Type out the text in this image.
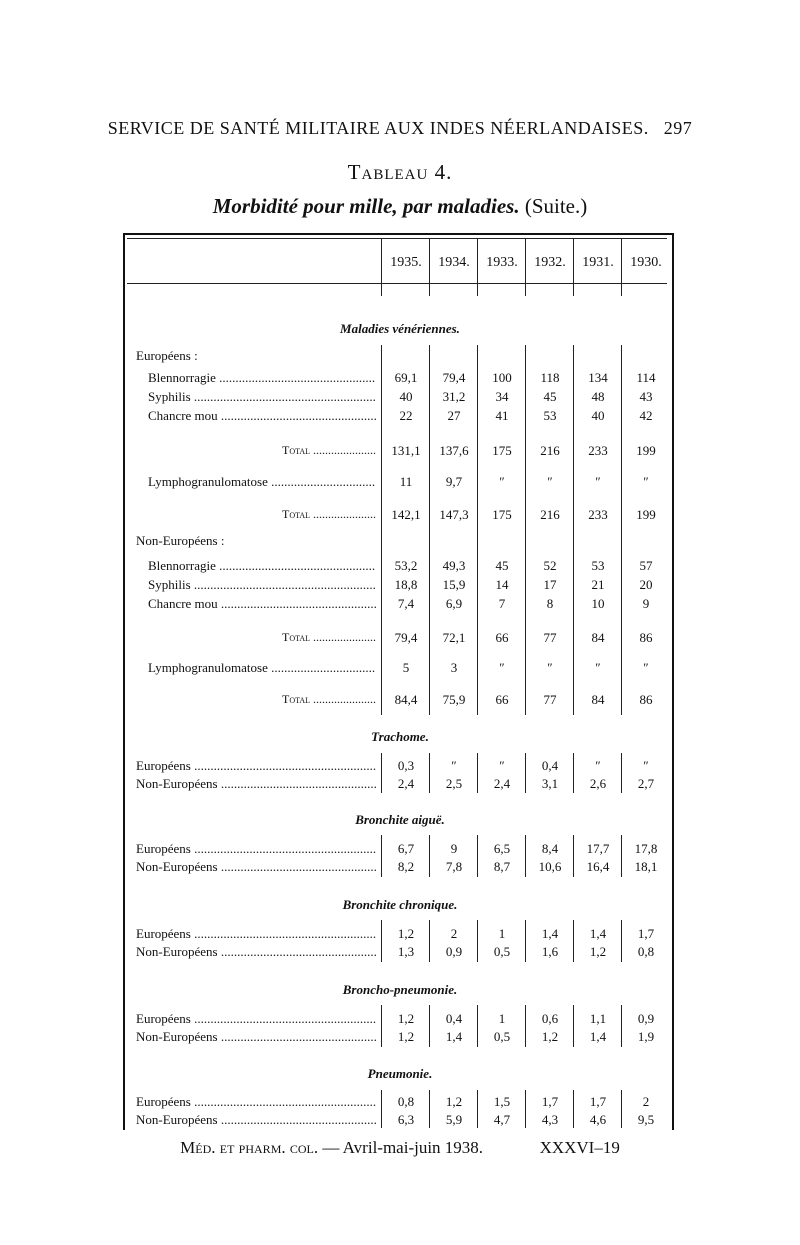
SERVICE DE SANTÉ MILITAIRE AUX INDES NÉERLANDAISES. 297
Tableau 4.
Morbidité pour mille, par maladies. (Suite.)
1935.	1934.	1933.	1932.	1931.	1930.
Maladies vénériennes.
Européens :
Blennorragie .....	69,1	79,4	100	118	134	114
Syphilis .....	40	31,2	34	45	48	43
Chancre mou .....	22	27	41	53	40	42
Total .....	131,1	137,6	175	216	233	199
Lymphogranulomatose .....	11	9,7	″	″	″	″
Total .....	142,1	147,3	175	216	233	199
Non-Européens :
Blennorragie .....	53,2	49,3	45	52	53	57
Syphilis .....	18,8	15,9	14	17	21	20
Chancre mou .....	7,4	6,9	7	8	10	9
Total .....	79,4	72,1	66	77	84	86
Lymphogranulomatose .....	5	3	″	″	″	″
Total .....	84,4	75,9	66	77	84	86
Trachome.
Européens .....	0,3	″	″	0,4	″	″
Non-Européens .....	2,4	2,5	2,4	3,1	2,6	2,7
Bronchite aiguë.
Européens .....	6,7	9	6,5	8,4	17,7	17,8
Non-Européens .....	8,2	7,8	8,7	10,6	16,4	18,1
Bronchite chronique.
Européens .....	1,2	2	1	1,4	1,4	1,7
Non-Européens .....	1,3	0,9	0,5	1,6	1,2	0,8
Broncho-pneumonie.
Européens .....	1,2	0,4	1	0,6	1,1	0,9
Non-Européens .....	1,2	1,4	0,5	1,2	1,4	1,9
Pneumonie.
Européens .....	0,8	1,2	1,5	1,7	1,7	2
Non-Européens .....	6,3	5,9	4,7	4,3	4,6	9,5
Méd. et pharm. col. — Avril-mai-juin 1938.	XXXVI–19
